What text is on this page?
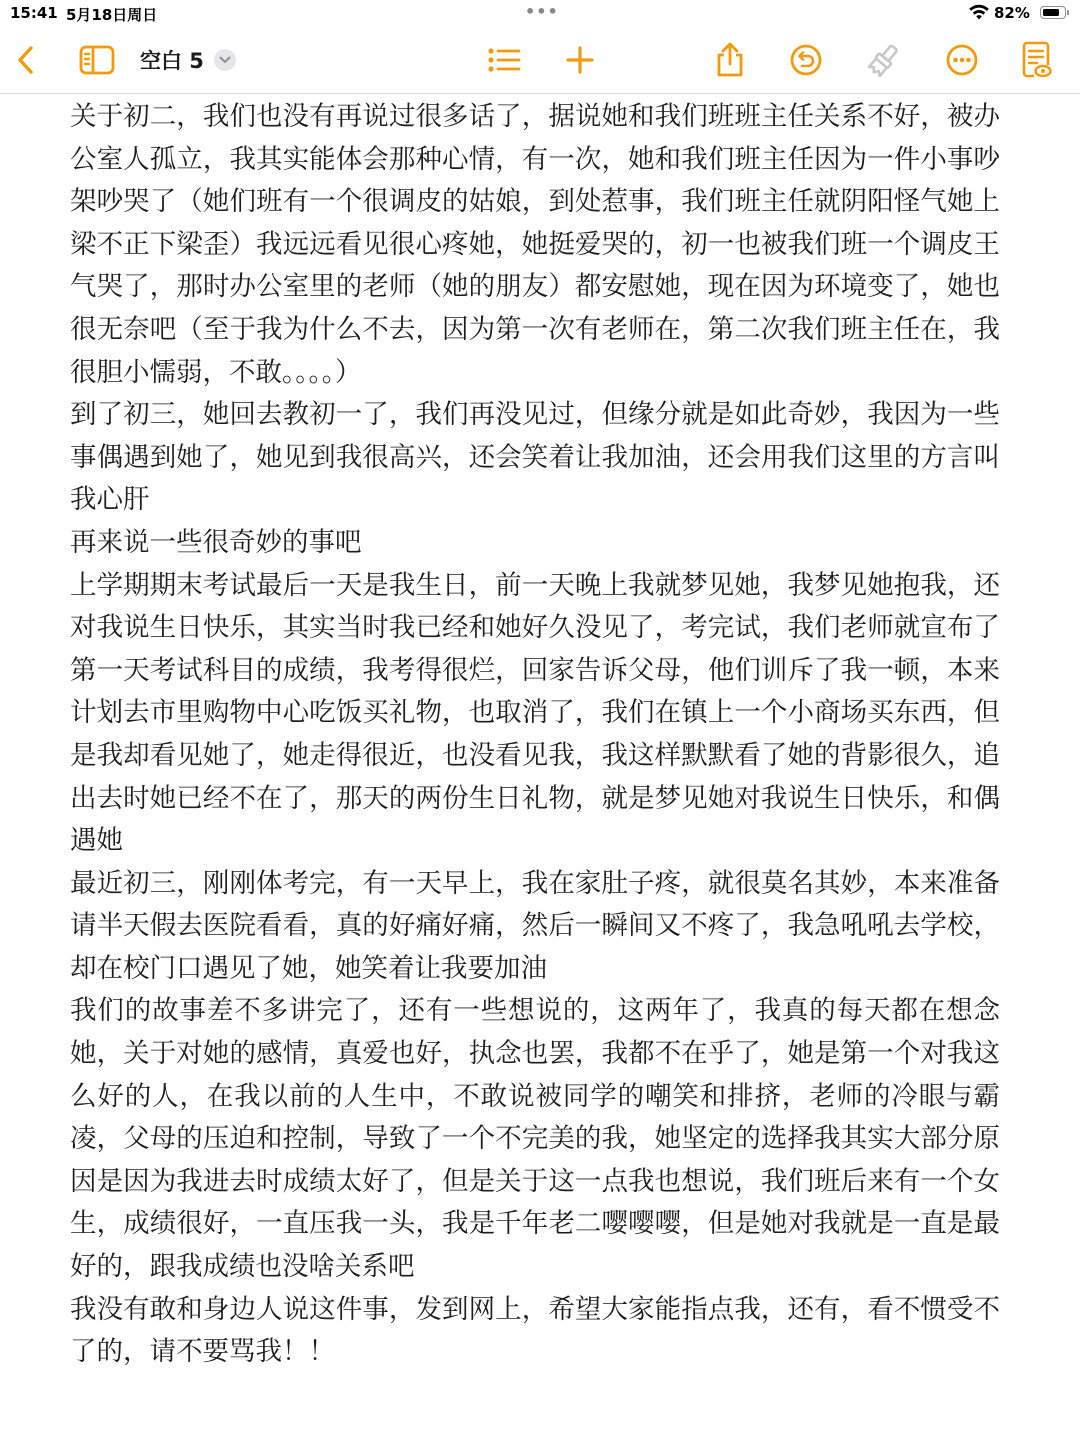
15:41 5月18日周日	•••	82%
空白 5

关于初二，我们也没有再说过很多话了，据说她和我们班班主任关系不好，被办公室人孤立，我其实能体会那种心情，有一次，她和我们班主任因为一件小事吵架吵哭了（她们班有一个很调皮的姑娘，到处惹事，我们班主任就阴阳怪气她上梁不正下梁歪）我远远看见很心疼她，她挺爱哭的，初一也被我们班一个调皮王气哭了，那时办公室里的老师（她的朋友）都安慰她，现在因为环境变了，她也很无奈吧（至于我为什么不去，因为第一次有老师在，第二次我们班主任在，我很胆小懦弱，不敢。。。。）

到了初三，她回去教初一了，我们再没见过，但缘分就是如此奇妙，我因为一些事偶遇到她了，她见到我很高兴，还会笑着让我加油，还会用我们这里的方言叫我心肝

再来说一些很奇妙的事吧

上学期期末考试最后一天是我生日，前一天晚上我就梦见她，我梦见她抱我，还对我说生日快乐，其实当时我已经和她好久没见了，考完试，我们老师就宣布了第一天考试科目的成绩，我考得很烂，回家告诉父母，他们训斥了我一顿，本来计划去市里购物中心吃饭买礼物，也取消了，我们在镇上一个小商场买东西，但是我却看见她了，她走得很近，也没看见我，我这样默默看了她的背影很久，追出去时她已经不在了，那天的两份生日礼物，就是梦见她对我说生日快乐，和偶遇她

最近初三，刚刚体考完，有一天早上，我在家肚子疼，就很莫名其妙，本来准备请半天假去医院看看，真的好痛好痛，然后一瞬间又不疼了，我急吼吼去学校，却在校门口遇见了她，她笑着让我要加油

我们的故事差不多讲完了，还有一些想说的，这两年了，我真的每天都在想念她，关于对她的感情，真爱也好，执念也罢，我都不在乎了，她是第一个对我这么好的人，在我以前的人生中，不敢说被同学的嘲笑和排挤，老师的冷眼与霸凌，父母的压迫和控制，导致了一个不完美的我，她坚定的选择我其实大部分原因是因为我进去时成绩太好了，但是关于这一点我也想说，我们班后来有一个女生，成绩很好，一直压我一头，我是千年老二嘤嘤嘤，但是她对我就是一直是最好的，跟我成绩也没啥关系吧

我没有敢和身边人说这件事，发到网上，希望大家能指点我，还有，看不惯受不了的，请不要骂我！！
